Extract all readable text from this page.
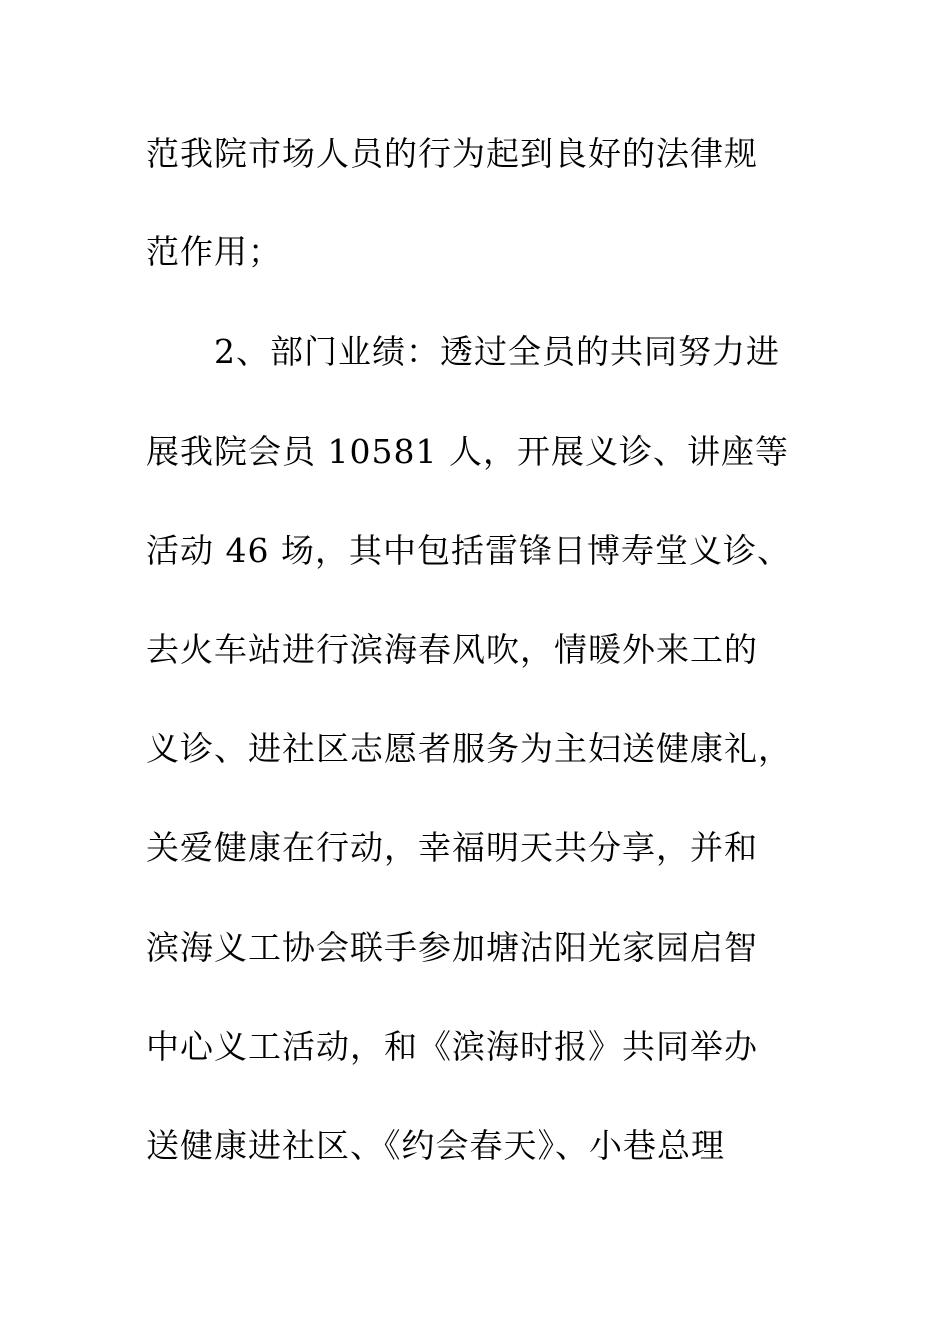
范我院市场人员的行为起到良好的法律规
范作用；
2、部门业绩：透过全员的共同努力进
展我院会员 10581 人，开展义诊、讲座等
活动 46 场，其中包括雷锋日博寿堂义诊、
去火车站进行滨海春风吹，情暖外来工的
义诊、进社区志愿者服务为主妇送健康礼，
关爱健康在行动，幸福明天共分享，并和
滨海义工协会联手参加塘沽阳光家园启智
中心义工活动，和《滨海时报》共同举办
送健康进社区、《约会春天》、小巷总理
